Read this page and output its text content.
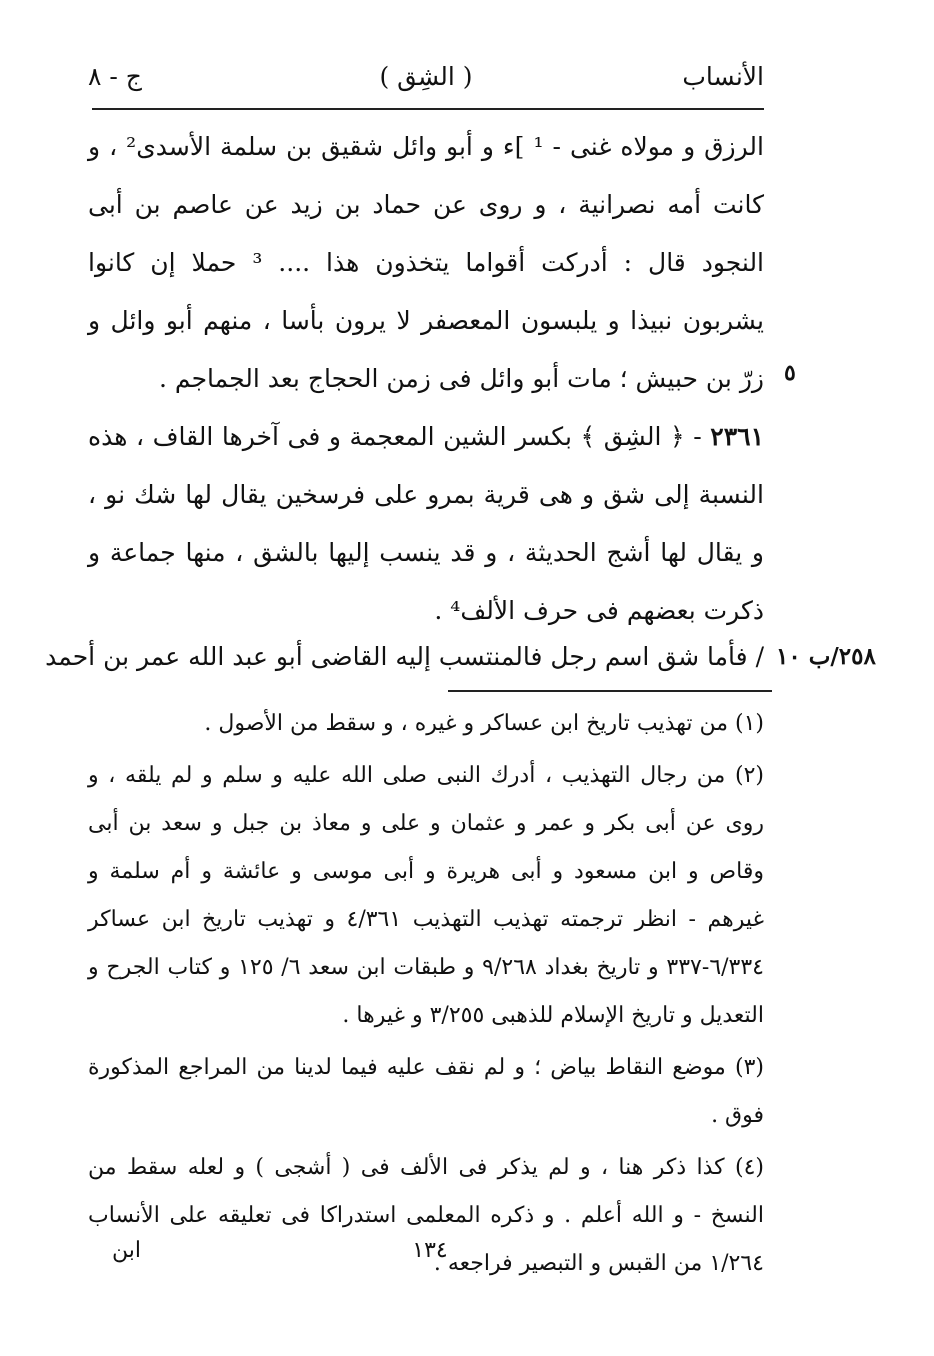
الأنساب
( الشِق )
ج - ٨

الرزق و مولاه غنى - ¹ ]ء و أبو وائل شقيق بن سلمة الأسدى² ، و كانت أمه نصرانية ، و روى عن حماد بن زيد عن عاصم بن أبى النجود قال : أدركت أقواما يتخذون هذا .... ³ حملا إن كانوا يشربون نبيذا و يلبسون المعصفر لا يرون بأسا ، منهم أبو وائل و زرّ بن حبيش ؛ مات أبو وائل فى زمن الحجاج بعد الجماجم .

٢٣٦١ - ﴿ الشِق ﴾ بكسر الشين المعجمة و فى آخرها القاف ، هذه النسبة إلى شق و هى قرية بمرو على فرسخين يقال لها شك نو ، و يقال لها أشج الحديثة ، و قد ينسب إليها بالشق ، منها جماعة و ذكرت بعضهم فى حرف الألف⁴ .

٥
/ فأما شق اسم رجل فالمنتسب إليه القاضى أبو عبد الله عمر بن أحمد	٢٥٨/ب ١٠

(١) من تهذيب تاريخ ابن عساكر و غيره ، و سقط من الأصول .

(٢) من رجال التهذيب ، أدرك النبى صلى الله عليه و سلم و لم يلقه ، و روى عن أبى بكر و عمر و عثمان و على و معاذ بن جبل و سعد بن أبى وقاص و ابن مسعود و أبى هريرة و أبى موسى و عائشة و أم سلمة و غيرهم - انظر ترجمته تهذيب التهذيب ٤/٣٦١ و تهذيب تاريخ ابن عساكر ٦/٣٣٤-٣٣٧ و تاريخ بغداد ٩/٢٦٨ و طبقات ابن سعد ٦/ ١٢٥ و كتاب الجرح و التعديل و تاريخ الإسلام للذهبى ٣/٢٥٥ و غيرها .

(٣) موضع النقاط بياض ؛ و لم نقف عليه فيما لدينا من المراجع المذكورة فوق .

(٤) كذا ذكر هنا ، و لم يذكر فى الألف فى ( أشجى ) و لعله سقط من النسخ - و الله أعلم . و ذكره المعلمى استدراكا فى تعليقه على الأنساب ١/٢٦٤ من القبس و التبصير فراجعه .

١٣٤
ابن
